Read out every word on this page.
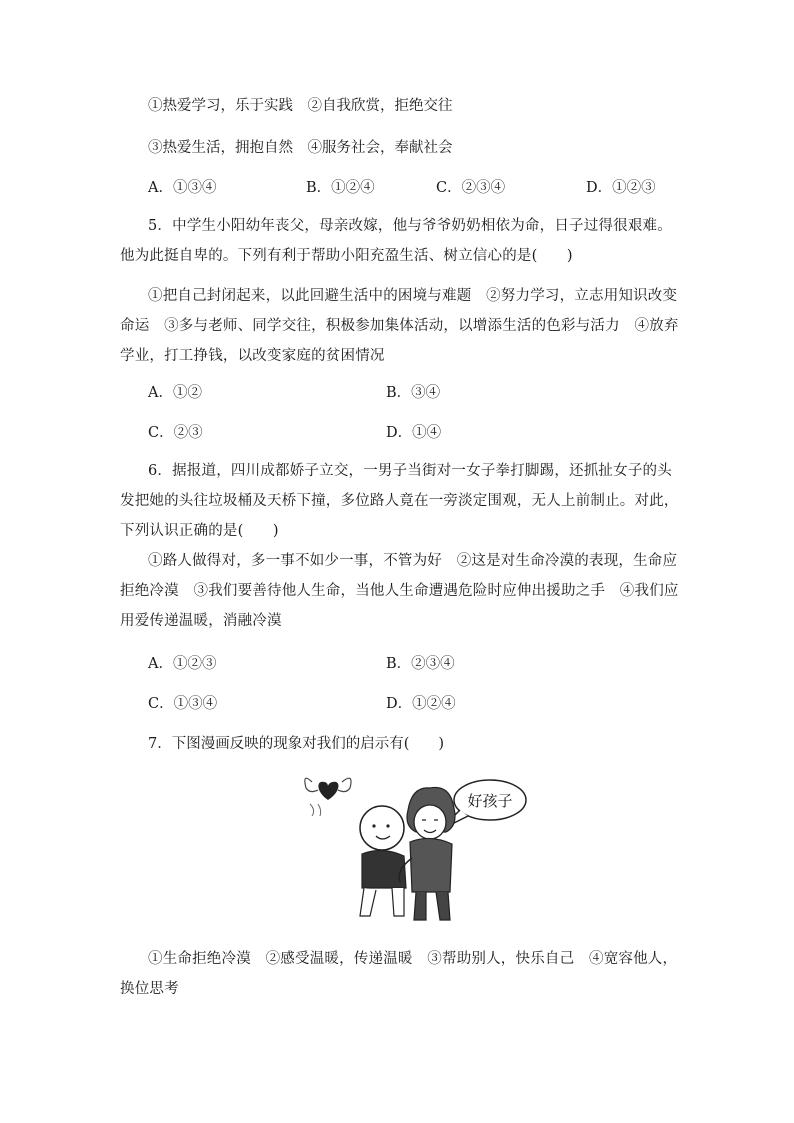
①热爱学习，乐于实践　②自我欣赏，拒绝交往
③热爱生活，拥抱自然　④服务社会，奉献社会
A．①③④	B．①②④	C．②③④	D．①②③
5．中学生小阳幼年丧父，母亲改嫁，他与爷爷奶奶相依为命，日子过得很艰难。他为此挺自卑的。下列有利于帮助小阳充盈生活、树立信心的是(　　)
①把自己封闭起来，以此回避生活中的困境与难题　②努力学习，立志用知识改变命运　③多与老师、同学交往，积极参加集体活动，以增添生活的色彩与活力　④放弃学业，打工挣钱，以改变家庭的贫困情况
A．①②	B．③④
C．②③	D．①④
6．据报道，四川成都娇子立交，一男子当街对一女子拳打脚踢，还抓扯女子的头发把她的头往垃圾桶及天桥下撞，多位路人竟在一旁淡定围观，无人上前制止。对此，下列认识正确的是(　　)
①路人做得对，多一事不如少一事，不管为好　②这是对生命冷漠的表现，生命应拒绝冷漠　③我们要善待他人生命，当他人生命遭遇危险时应伸出援助之手　④我们应用爱传递温暖，消融冷漠
A．①②③	B．②③④
C．①③④	D．①②④
7．下图漫画反映的现象对我们的启示有(　　)
好孩子
①生命拒绝冷漠　②感受温暖，传递温暖　③帮助别人，快乐自己　④宽容他人，换位思考
